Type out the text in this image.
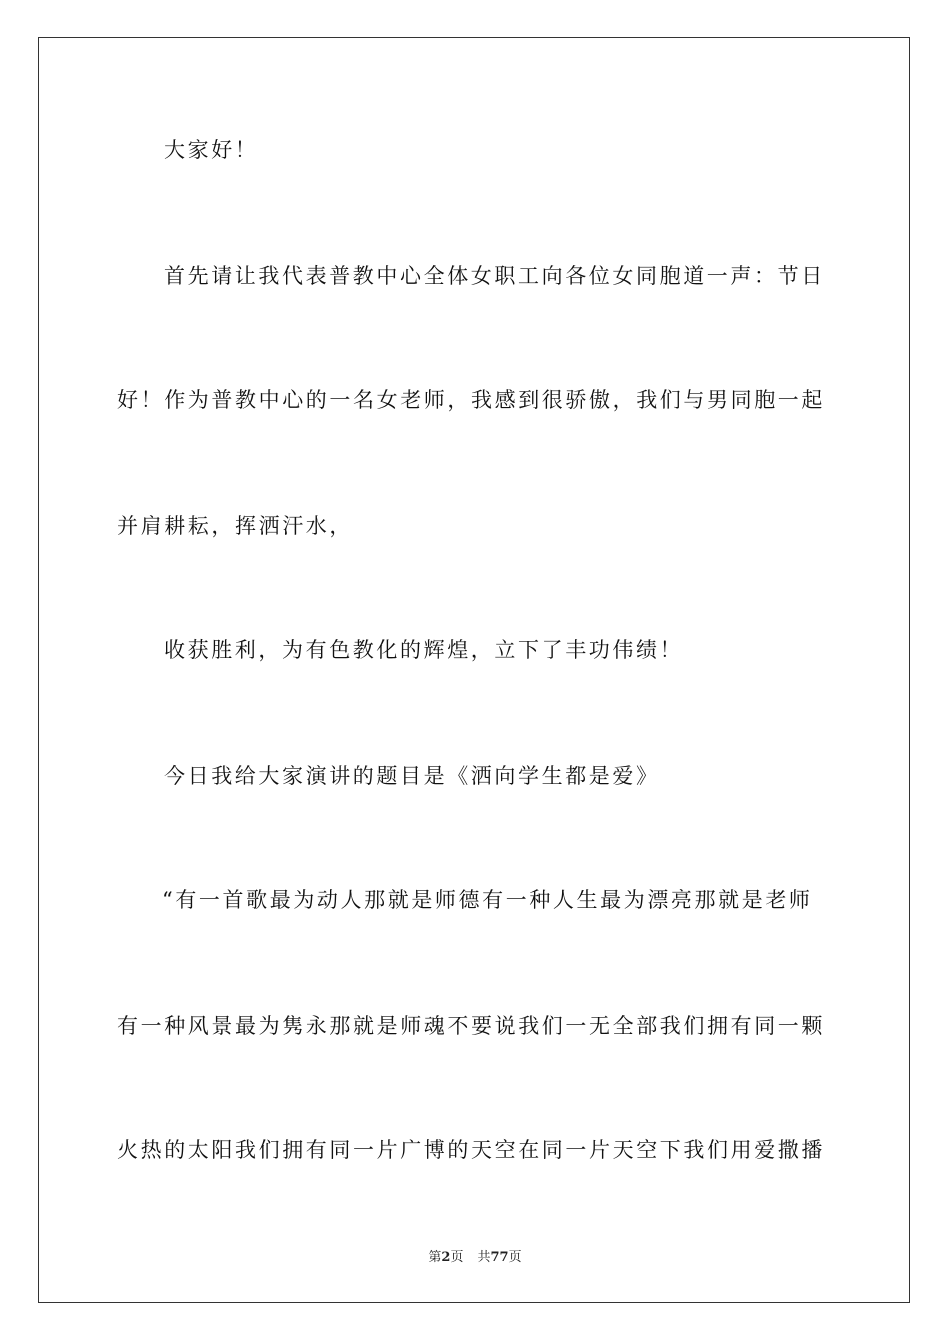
大家好！
首先请让我代表普教中心全体女职工向各位女同胞道一声：节日
好！作为普教中心的一名女老师，我感到很骄傲，我们与男同胞一起
并肩耕耘，挥洒汗水，
收获胜利，为有色教化的辉煌，立下了丰功伟绩！
今日我给大家演讲的题目是《洒向学生都是爱》
“有一首歌最为动人那就是师德有一种人生最为漂亮那就是老师
有一种风景最为隽永那就是师魂不要说我们一无全部我们拥有同一颗
火热的太阳我们拥有同一片广博的天空在同一片天空下我们用爱撒播
第2页 共77页
